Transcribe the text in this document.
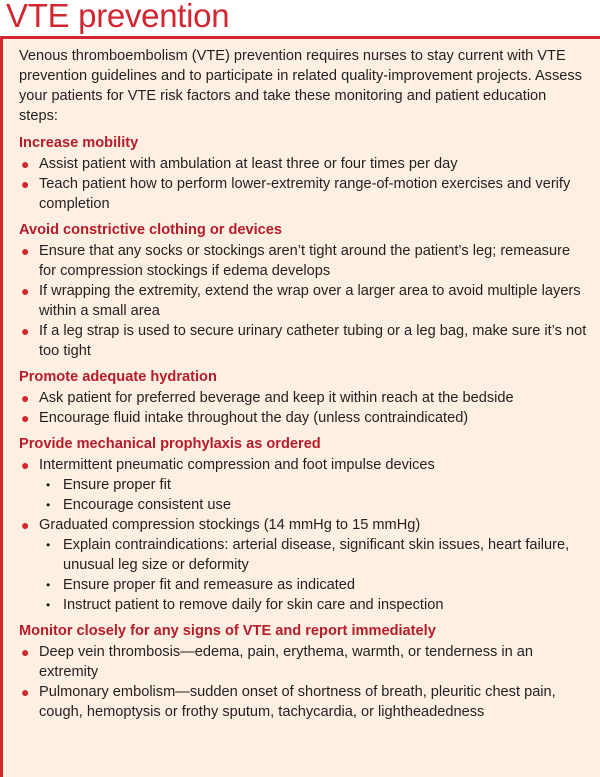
VTE prevention

Venous thromboembolism (VTE) prevention requires nurses to stay current with VTE prevention guidelines and to participate in related quality-improvement projects. Assess your patients for VTE risk factors and take these monitoring and patient education steps:

Increase mobility
● Assist patient with ambulation at least three or four times per day
● Teach patient how to perform lower-extremity range-of-motion exercises and verify completion
Avoid constrictive clothing or devices
● Ensure that any socks or stockings aren’t tight around the patient’s leg; remeasure for compression stockings if edema develops
● If wrapping the extremity, extend the wrap over a larger area to avoid multiple layers within a small area
● If a leg strap is used to secure urinary catheter tubing or a leg bag, make sure it’s not too tight
Promote adequate hydration
● Ask patient for preferred beverage and keep it within reach at the bedside
● Encourage fluid intake throughout the day (unless contraindicated)
Provide mechanical prophylaxis as ordered
● Intermittent pneumatic compression and foot impulse devices
• Ensure proper fit
• Encourage consistent use
● Graduated compression stockings (14 mmHg to 15 mmHg)
• Explain contraindications: arterial disease, significant skin issues, heart failure, unusual leg size or deformity
• Ensure proper fit and remeasure as indicated
• Instruct patient to remove daily for skin care and inspection
Monitor closely for any signs of VTE and report immediately
● Deep vein thrombosis—edema, pain, erythema, warmth, or tenderness in an extremity
● Pulmonary embolism—sudden onset of shortness of breath, pleuritic chest pain, cough, hemoptysis or frothy sputum, tachycardia, or lightheadedness
